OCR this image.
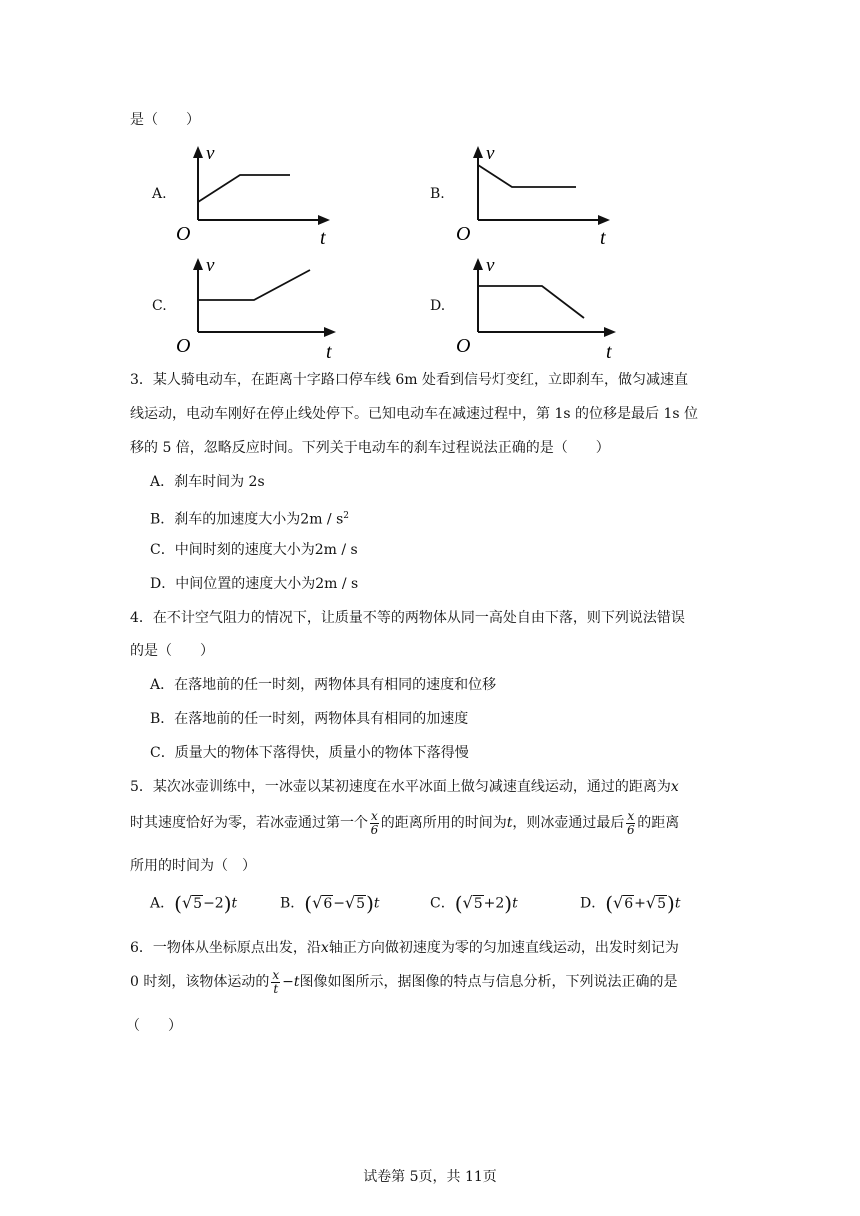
是（　　）
A.
v
O	t
B.
v
O	t
C.
v
O	t
D.
v
O	t
3．某人骑电动车，在距离十字路口停车线 6m 处看到信号灯变红，立即刹车，做匀减速直
线运动，电动车刚好在停止线处停下。已知电动车在减速过程中，第 1s 的位移是最后 1s 位
移的 5 倍，忽略反应时间。下列关于电动车的刹车过程说法正确的是（　　）
A．刹车时间为 2s
B．刹车的加速度大小为$2m / s^2$
C．中间时刻的速度大小为2m / s
D．中间位置的速度大小为2m / s
4．在不计空气阻力的情况下，让质量不等的两物体从同一高处自由下落，则下列说法错误
的是（　　）
A．在落地前的任一时刻，两物体具有相同的速度和位移
B．在落地前的任一时刻，两物体具有相同的加速度
C．质量大的物体下落得快，质量小的物体下落得慢
5．某次冰壶训练中，一冰壶以某初速度在水平冰面上做匀减速直线运动，通过的距离为x
时其速度恰好为零，若冰壶通过第一个 $\frac{x}{6}$ 的距离所用的时间为t，则冰壶通过最后 $\frac{x}{6}$ 的距离
所用的时间为（　）
A．(√5−2)t	B．(√6−√5)t	C．(√5+2)t	D．(√6+√5)t
6．一物体从坐标原点出发，沿x轴正方向做初速度为零的匀加速直线运动，出发时刻记为
0 时刻，该物体运动的 $\frac{x}{t} -t$图像如图所示，据图像的特点与信息分析，下列说法正确的是
（　　）
试卷第 5页，共 11页
